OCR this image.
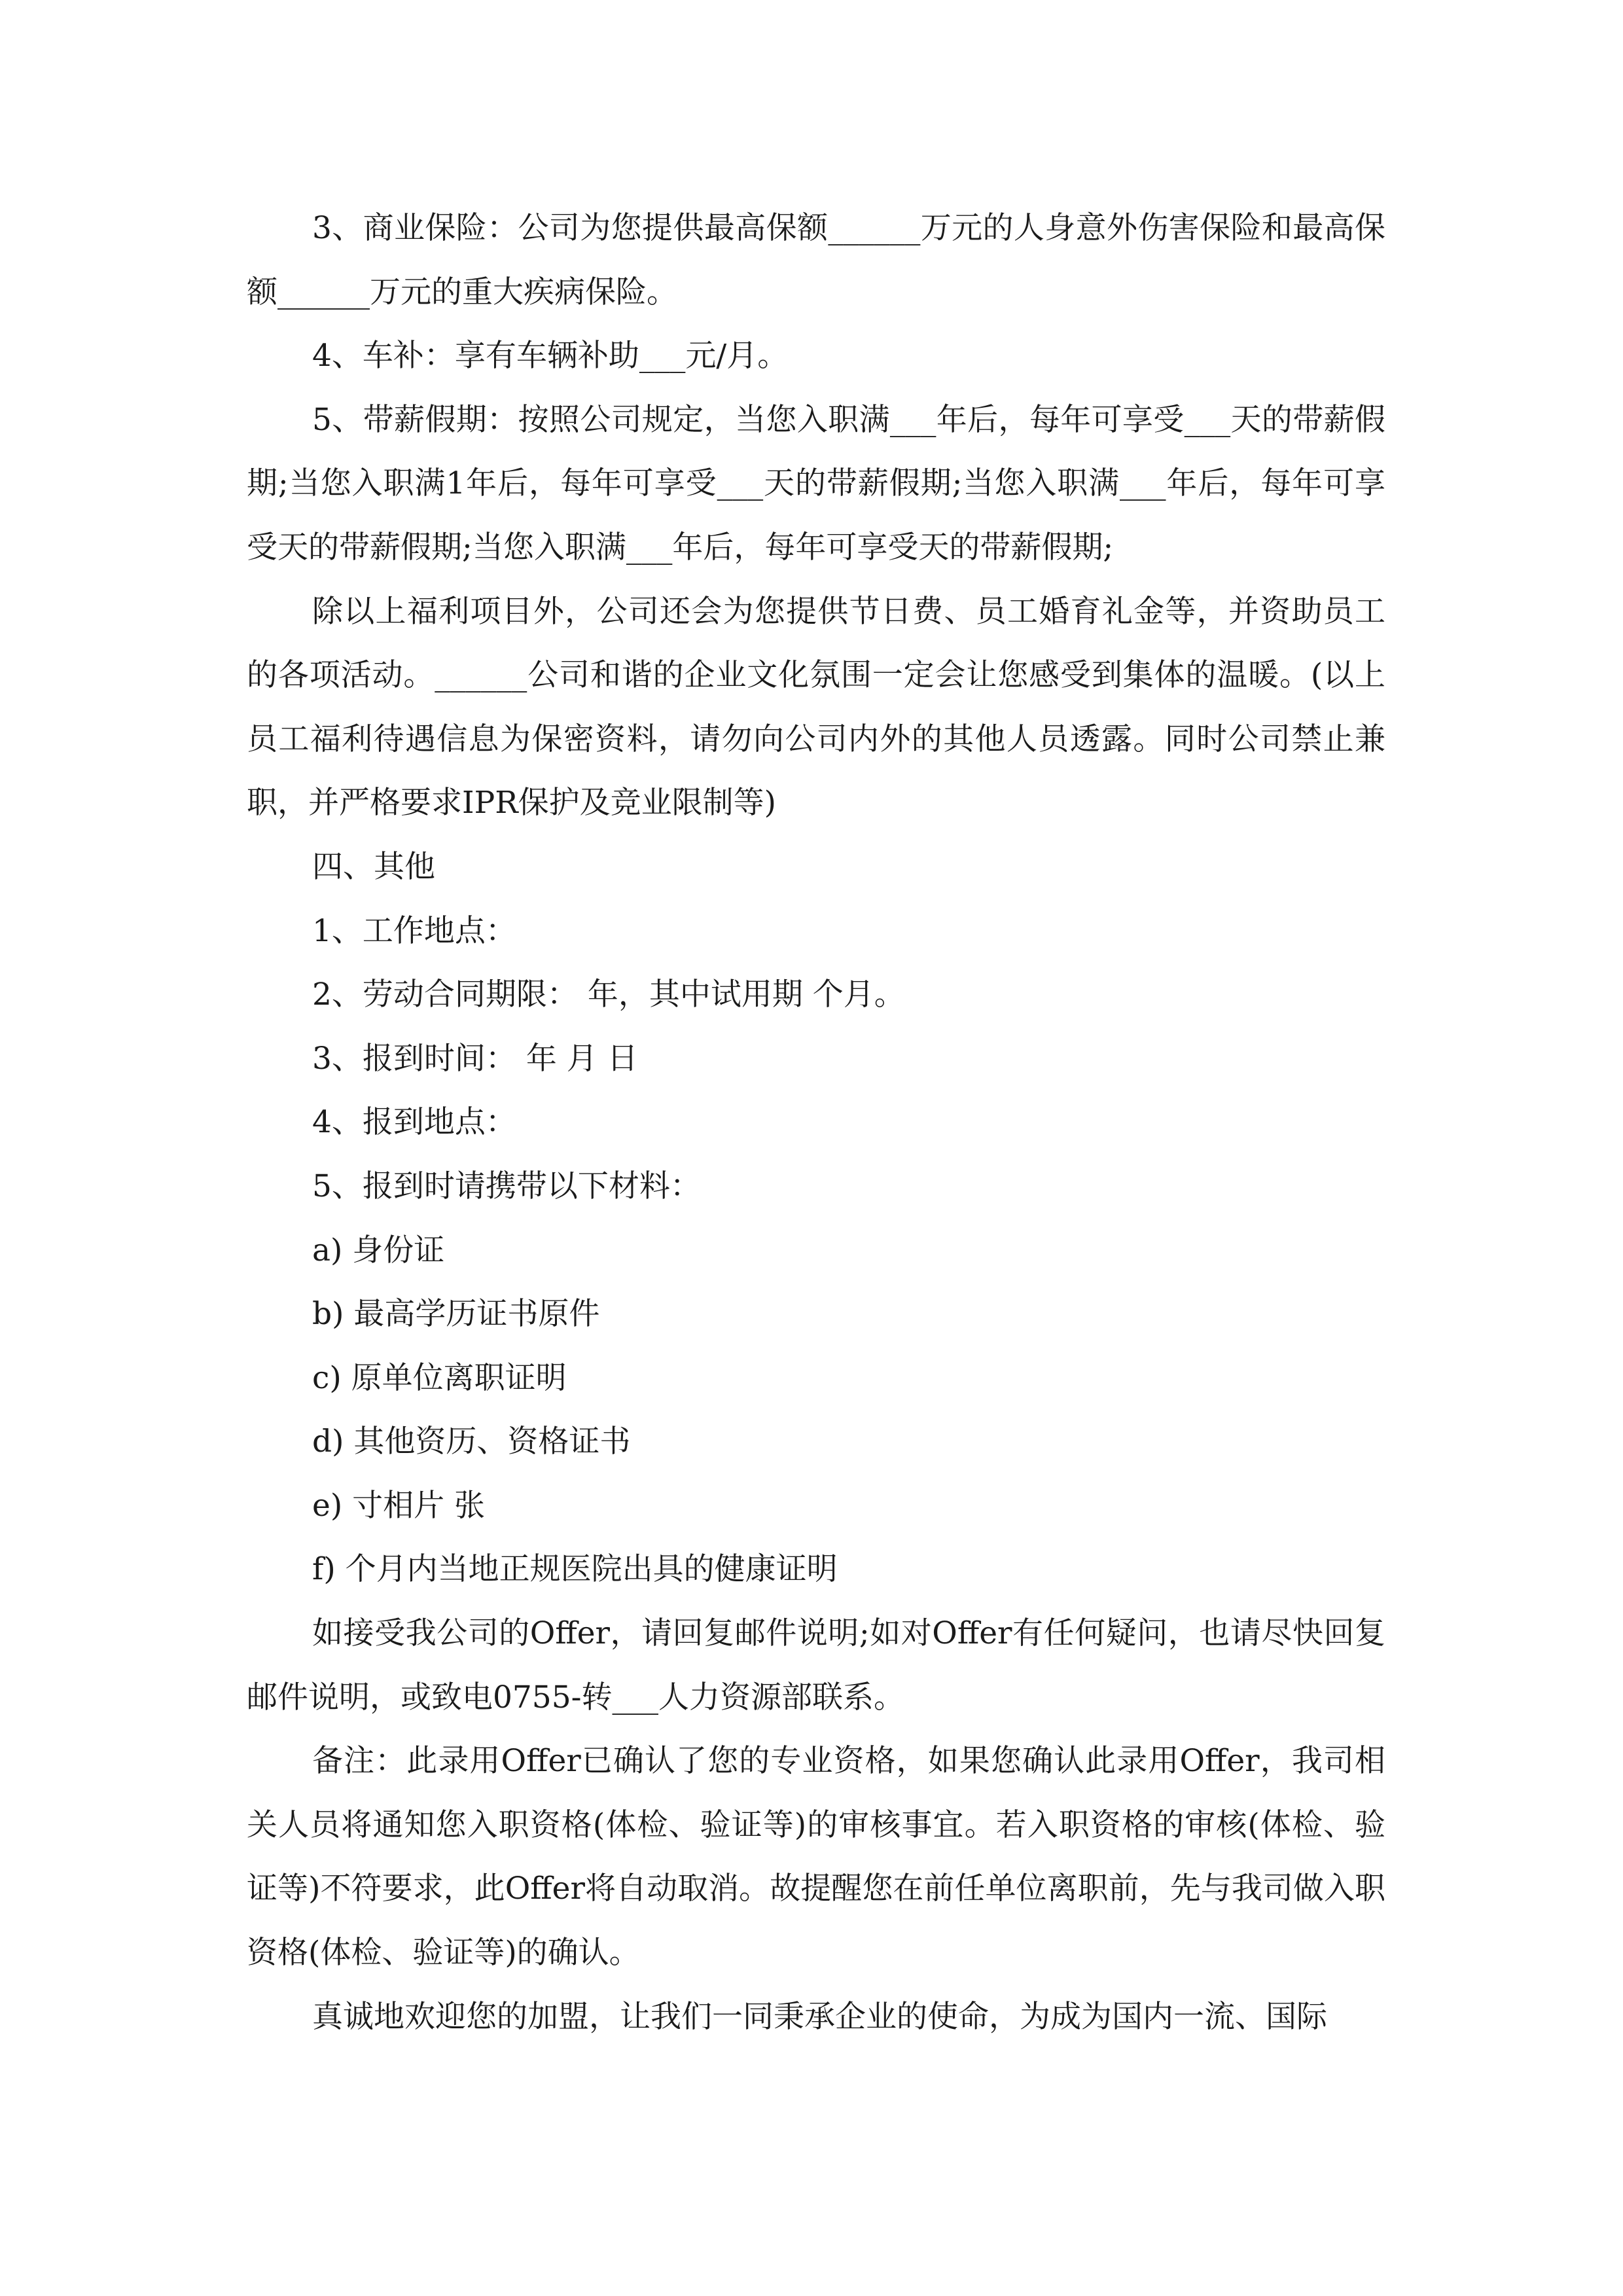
3、商业保险：公司为您提供最高保额______万元的人身意外伤害保险和最高保额______万元的重大疾病保险。

4、车补：享有车辆补助___元/月。

5、带薪假期：按照公司规定，当您入职满___年后，每年可享受___天的带薪假期;当您入职满1年后，每年可享受___天的带薪假期;当您入职满___年后，每年可享受天的带薪假期;当您入职满___年后，每年可享受天的带薪假期;

除以上福利项目外，公司还会为您提供节日费、员工婚育礼金等，并资助员工的各项活动。______公司和谐的企业文化氛围一定会让您感受到集体的温暖。(以上员工福利待遇信息为保密资料，请勿向公司内外的其他人员透露。同时公司禁止兼职，并严格要求IPR保护及竞业限制等)

四、其他

1、工作地点：

2、劳动合同期限： 年，其中试用期 个月。

3、报到时间： 年 月 日

4、报到地点：

5、报到时请携带以下材料：

a) 身份证

b) 最高学历证书原件

c) 原单位离职证明

d) 其他资历、资格证书

e) 寸相片 张

f) 个月内当地正规医院出具的健康证明

如接受我公司的Offer，请回复邮件说明;如对Offer有任何疑问，也请尽快回复邮件说明，或致电0755-转___人力资源部联系。

备注：此录用Offer已确认了您的专业资格，如果您确认此录用Offer，我司相关人员将通知您入职资格(体检、验证等)的审核事宜。若入职资格的审核(体检、验证等)不符要求，此Offer将自动取消。故提醒您在前任单位离职前，先与我司做入职资格(体检、验证等)的确认。

真诚地欢迎您的加盟，让我们一同秉承企业的使命，为成为国内一流、国际
